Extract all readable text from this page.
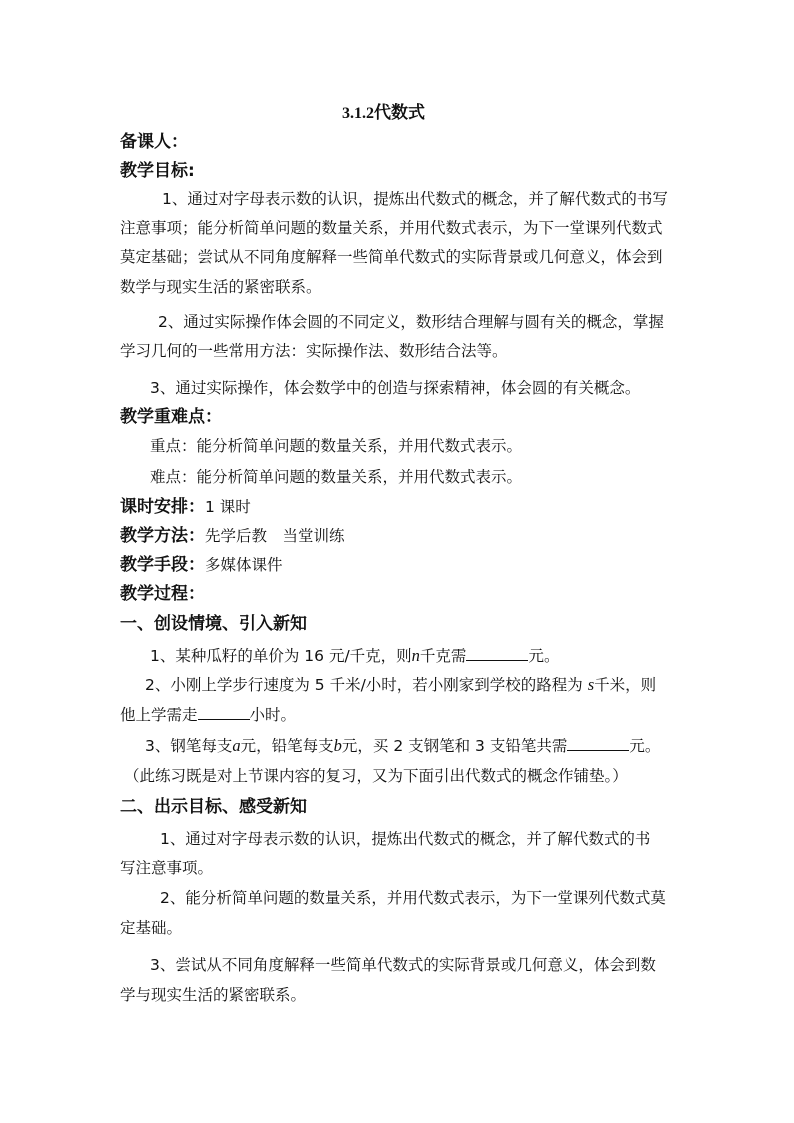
3.1.2代数式
备课人：
教学目标:
1、通过对字母表示数的认识，提炼出代数式的概念，并了解代数式的书写
注意事项；能分析简单问题的数量关系，并用代数式表示，为下一堂课列代数式
莫定基础；尝试从不同角度解释一些简单代数式的实际背景或几何意义，体会到
数学与现实生活的紧密联系。
2、通过实际操作体会圆的不同定义，数形结合理解与圆有关的概念，掌握
学习几何的一些常用方法：实际操作法、数形结合法等。
3、通过实际操作，体会数学中的创造与探索精神，体会圆的有关概念。
教学重难点：
重点：能分析简单问题的数量关系，并用代数式表示。
难点：能分析简单问题的数量关系，并用代数式表示。
课时安排：1 课时
教学方法：先学后教　当堂训练
教学手段：多媒体课件
教学过程：
一、创设情境、引入新知
1、某种瓜籽的单价为 16 元/千克，则n千克需	元。
2、小刚上学步行速度为 5 千米/小时，若小刚家到学校的路程为 s千米，则
他上学需走	小时。
3、钢笔每支a元，铅笔每支b元，买 2 支钢笔和 3 支铅笔共需	元。
（此练习既是对上节课内容的复习，又为下面引出代数式的概念作铺垫。）
二、出示目标、感受新知
1、通过对字母表示数的认识，提炼出代数式的概念，并了解代数式的书
写注意事项。
2、能分析简单问题的数量关系，并用代数式表示，为下一堂课列代数式莫
定基础。
3、尝试从不同角度解释一些简单代数式的实际背景或几何意义，体会到数
学与现实生活的紧密联系。
